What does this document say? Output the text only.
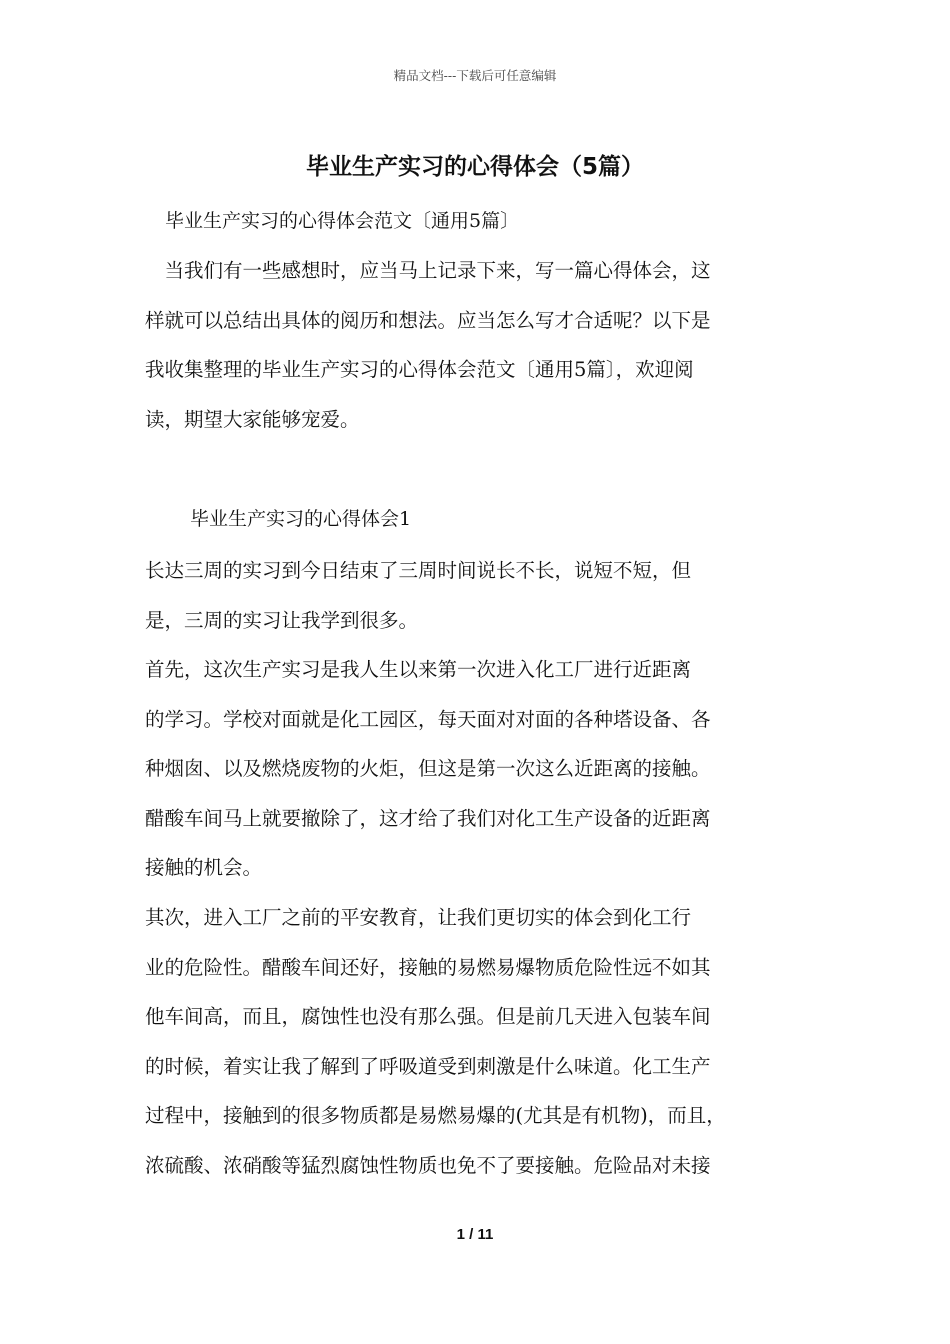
精品文档---下载后可任意编辑
毕业生产实习的心得体会（5篇）
毕业生产实习的心得体会范文〔通用5篇〕
　当我们有一些感想时，应当马上记录下来，写一篇心得体会，这
样就可以总结出具体的阅历和想法。应当怎么写才合适呢？以下是
我收集整理的毕业生产实习的心得体会范文〔通用5篇〕，欢迎阅
读，期望大家能够宠爱。
毕业生产实习的心得体会1
长达三周的实习到今日结束了三周时间说长不长，说短不短，但
是，三周的实习让我学到很多。
首先，这次生产实习是我人生以来第一次进入化工厂进行近距离
的学习。学校对面就是化工园区，每天面对对面的各种塔设备、各
种烟囱、以及燃烧废物的火炬，但这是第一次这么近距离的接触。
醋酸车间马上就要撤除了，这才给了我们对化工生产设备的近距离
接触的机会。
其次，进入工厂之前的平安教育，让我们更切实的体会到化工行
业的危险性。醋酸车间还好，接触的易燃易爆物质危险性远不如其
他车间高，而且，腐蚀性也没有那么强。但是前几天进入包装车间
的时候，着实让我了解到了呼吸道受到刺激是什么味道。化工生产
过程中，接触到的很多物质都是易燃易爆的(尤其是有机物)，而且，
浓硫酸、浓硝酸等猛烈腐蚀性物质也免不了要接触。危险品对未接
1 / 11
